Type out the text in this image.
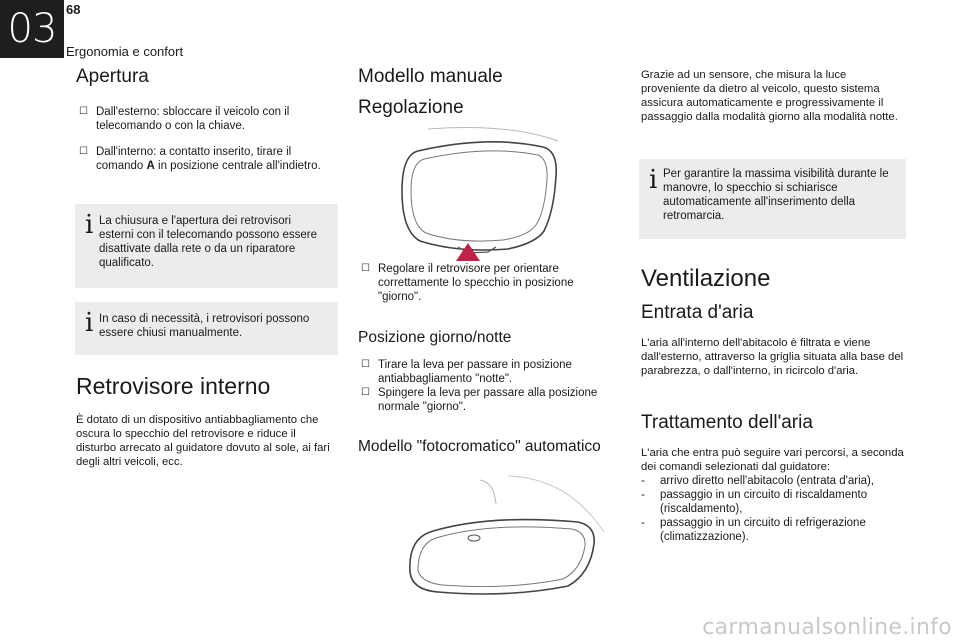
03 68
Ergonomia e confort
Apertura
☐ Dall'esterno: sbloccare il veicolo con il telecomando o con la chiave.
☐ Dall'interno: a contatto inserito, tirare il comando A in posizione centrale all'indietro.
i La chiusura e l'apertura dei retrovisori esterni con il telecomando possono essere disattivate dalla rete o da un riparatore qualificato.
i In caso di necessità, i retrovisori possono essere chiusi manualmente.
Retrovisore interno

È dotato di un dispositivo antiabbagliamento che oscura lo specchio del retrovisore e riduce il disturbo arrecato al guidatore dovuto al sole, ai fari degli altri veicoli, ecc.

Modello manuale
Regolazione
☐ Regolare il retrovisore per orientare correttamente lo specchio in posizione "giorno".
Posizione giorno/notte
☐ Tirare la leva per passare in posizione antiabbagliamento "notte".
☐ Spingere la leva per passare alla posizione normale "giorno".
Modello "fotocromatico" automatico

Grazie ad un sensore, che misura la luce proveniente da dietro al veicolo, questo sistema assicura automaticamente e progressivamente il passaggio dalla modalità giorno alla modalità notte.

i Per garantire la massima visibilità durante le manovre, lo specchio si schiarisce automaticamente all'inserimento della retromarcia.
Ventilazione
Entrata d'aria

L'aria all'interno dell'abitacolo è filtrata e viene dall'esterno, attraverso la griglia situata alla base del parabrezza, o dall'interno, in ricircolo d'aria.

Trattamento dell'aria

L'aria che entra può seguire vari percorsi, a seconda dei comandi selezionati dal guidatore:

- arrivo diretto nell'abitacolo (entrata d'aria),
- passaggio in un circuito di riscaldamento (riscaldamento),
- passaggio in un circuito di refrigerazione (climatizzazione).
carmanualsonline.info
